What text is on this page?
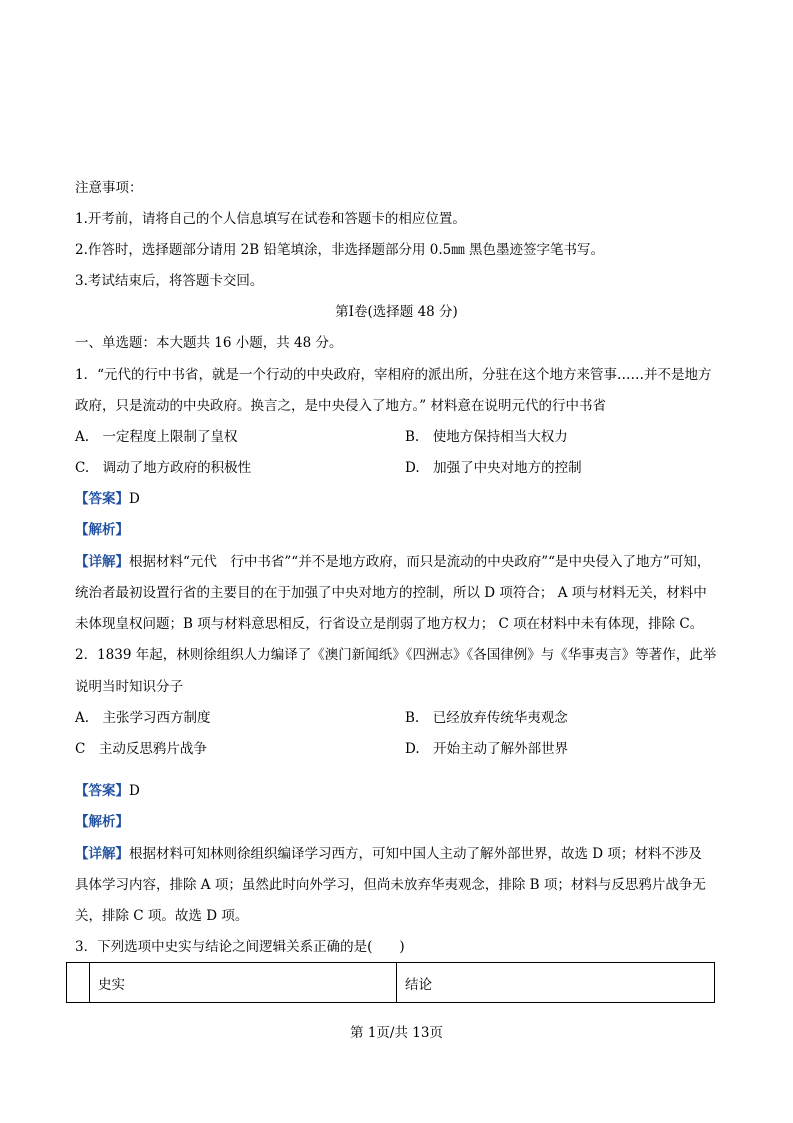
注意事项：
1.开考前，请将自己的个人信息填写在试卷和答题卡的相应位置。
2.作答时，选择题部分请用 2B 铅笔填涂，非选择题部分用 0.5㎜ 黑色墨迹签字笔书写。
3.考试结束后，将答题卡交回。
第Ⅰ卷(选择题 48 分)
一、单选题：本大题共 16 小题，共 48 分。
1．“元代的行中书省，就是一个行动的中央政府，宰相府的派出所，分驻在这个地方来管事……并不是地方
政府，只是流动的中央政府。换言之，是中央侵入了地方。” 材料意在说明元代的行中书省
A.　一定程度上限制了皇权	B.　使地方保持相当大权力
C.　调动了地方政府的积极性	D.　加强了中央对地方的控制
【答案】D
【解析】
【详解】根据材料“元代　行中书省”“并不是地方政府，而只是流动的中央政府”“是中央侵入了地方”可知，
统治者最初设置行省的主要目的在于加强了中央对地方的控制，所以 D 项符合； A 项与材料无关，材料中
未体现皇权问题；B 项与材料意思相反，行省设立是削弱了地方权力； C 项在材料中未有体现，排除 C。
2．1839 年起，林则徐组织人力编译了《澳门新闻纸》《四洲志》《各国律例》与《华事夷言》等著作，此举
说明当时知识分子
A.　主张学习西方制度	B.　已经放弃传统华夷观念
C　主动反思鸦片战争	D.　开始主动了解外部世界
【答案】D
【解析】
【详解】根据材料可知林则徐组织编译学习西方，可知中国人主动了解外部世界，故选 D 项；材料不涉及
具体学习内容，排除 A 项；虽然此时向外学习，但尚未放弃华夷观念，排除 B 项；材料与反思鸦片战争无
关，排除 C 项。故选 D 项。
3．下列选项中史实与结论之间逻辑关系正确的是(　　)
	史实	结论
第 1页/共 13页
